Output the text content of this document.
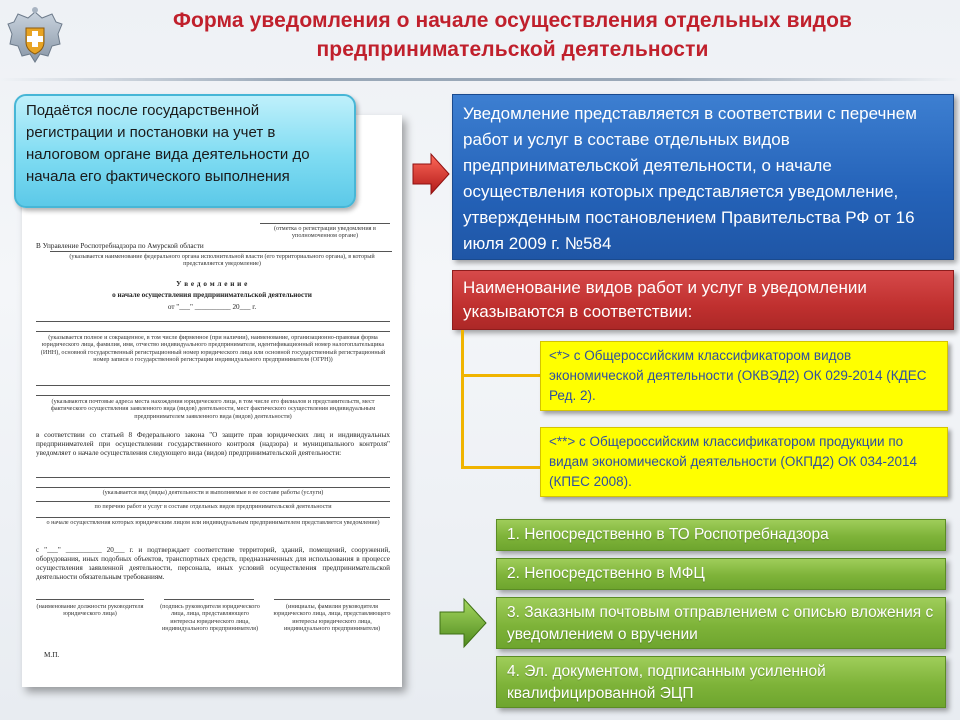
Форма уведомления о начале осуществления отдельных видов
предпринимательской деятельности
(отметка о регистрации уведомления в уполномоченном органе)
В Управление Роспотребнадзора по Амурской области
(указывается наименование федерального органа исполнительной власти (его территориального органа), в который представляется уведомление)
У в е д о м л е н и е
о начале осуществления предпринимательской деятельности
от "___" __________ 20___ г.
(указывается полное и сокращенное, в том числе фирменное (при наличии), наименование, организационно-правовая форма юридического лица, фамилия, имя, отчество индивидуального предпринимателя, идентификационный номер налогоплательщика (ИНН), основной государственный регистрационный номер юридического лица или основной государственный регистрационный номер записи о государственной регистрации индивидуального предпринимателя (ОГРН))
(указываются почтовые адреса места нахождения юридического лица, в том числе его филиалов и представительств, мест фактического осуществления заявленного вида (видов) деятельности, мест фактического осуществления индивидуальным предпринимателем заявленного вида (видов) деятельности)
в соответствии со статьей 8 Федерального закона "О защите прав юридических лиц и индивидуальных предпринимателей при осуществлении государственного контроля (надзора) и муниципального контроля" уведомляет о начале осуществления следующего вида (видов) предпринимательской деятельности:
(указывается вид (виды) деятельности и выполняемые в ее составе работы (услуги)
по перечню работ и услуг в составе отдельных видов предпринимательской деятельности
о начале осуществления которых юридическим лицом или индивидуальным предпринимателем представляется уведомление)
с "___" __________ 20___ г. и подтверждает соответствие территорий, зданий, помещений, сооружений, оборудования, иных подобных объектов, транспортных средств, предназначенных для использования в процессе осуществления заявленной деятельности, персонала, иных условий осуществления предпринимательской деятельности обязательным требованиям.
(наименование должности руководителя юридического лица)
(подпись руководителя юридического лица, лица, представляющего интересы юридического лица, индивидуального предпринимателя)
(инициалы, фамилия руководителя юридического лица, лица, представляющего интересы юридического лица, индивидуального предпринимателя)
М.П.
Подаётся после государственной регистрации и постановки на учет в налоговом органе вида деятельности до начала его фактического выполнения
Уведомление представляется в соответствии с перечнем работ и услуг в составе отдельных видов предпринимательской деятельности, о начале осуществления которых представляется уведомление, утвержденным постановлением Правительства РФ от 16 июля 2009 г. №584
Наименование видов работ и услуг в уведомлении указываются в соответствии:
<*> с Общероссийским классификатором видов экономической деятельности (ОКВЭД2) ОК 029-2014 (КДЕС Ред. 2).
<**> с Общероссийским классификатором продукции по видам экономической деятельности (ОКПД2) ОК 034-2014 (КПЕС 2008).
1. Непосредственно в ТО Роспотребнадзора
2. Непосредственно в МФЦ
3. Заказным почтовым отправлением с описью вложения с уведомлением о вручении
4. Эл. документом, подписанным усиленной квалифицированной ЭЦП
